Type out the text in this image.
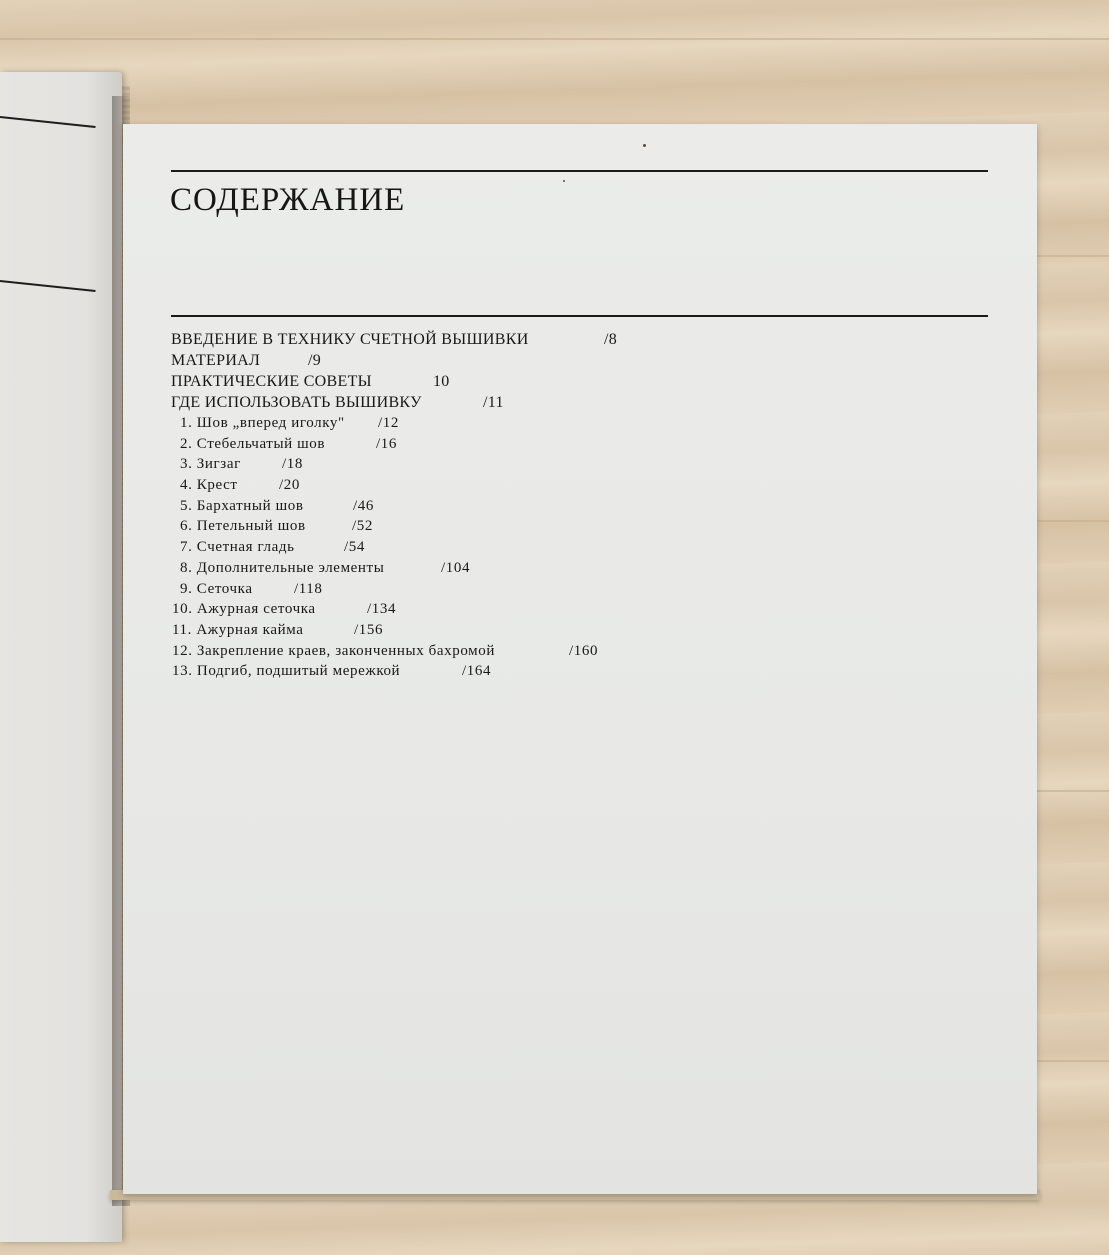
СОДЕРЖАНИЕ
ВВЕДЕНИЕ В ТЕХНИКУ СЧЕТНОЙ ВЫШИВКИ	/8
МАТЕРИАЛ	/9
ПРАКТИЧЕСКИЕ СОВЕТЫ	10
ГДЕ ИСПОЛЬЗОВАТЬ ВЫШИВКУ	/11
1. Шов „вперед иголку" /12
2. Стебельчатый шов	/16
3. Зигзаг	/18
4. Крест	/20
5. Бархатный шов	/46
6. Петельный шов	/52
7. Счетная гладь	/54
8. Дополнительные элементы	/104
9. Сеточка	/118
10. Ажурная сеточка	/134
11. Ажурная кайма	/156
12. Закрепление краев, законченных бахромой	/160
13. Подгиб, подшитый мережкой	/164
